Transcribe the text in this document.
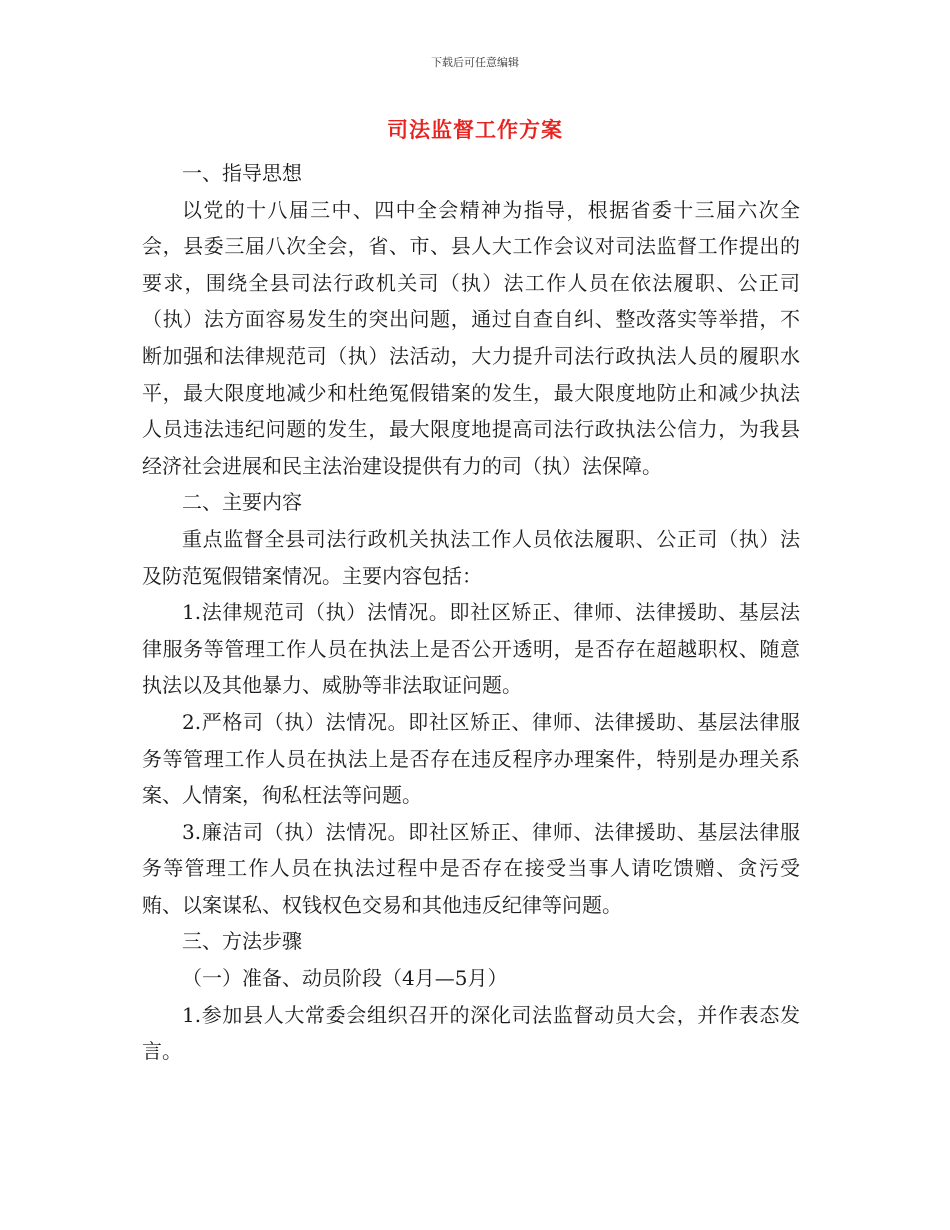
下载后可任意编辑
司法监督工作方案

一、指导思想

以党的十八届三中、四中全会精神为指导，根据省委十三届六次全会，县委三届八次全会，省、市、县人大工作会议对司法监督工作提出的要求，围绕全县司法行政机关司（执）法工作人员在依法履职、公正司（执）法方面容易发生的突出问题，通过自查自纠、整改落实等举措，不断加强和法律规范司（执）法活动，大力提升司法行政执法人员的履职水平，最大限度地减少和杜绝冤假错案的发生，最大限度地防止和减少执法人员违法违纪问题的发生，最大限度地提高司法行政执法公信力，为我县经济社会进展和民主法治建设提供有力的司（执）法保障。

二、主要内容

重点监督全县司法行政机关执法工作人员依法履职、公正司（执）法及防范冤假错案情况。主要内容包括：

1.法律规范司（执）法情况。即社区矫正、律师、法律援助、基层法律服务等管理工作人员在执法上是否公开透明，是否存在超越职权、随意执法以及其他暴力、威胁等非法取证问题。

2.严格司（执）法情况。即社区矫正、律师、法律援助、基层法律服务等管理工作人员在执法上是否存在违反程序办理案件，特别是办理关系案、人情案，徇私枉法等问题。

3.廉洁司（执）法情况。即社区矫正、律师、法律援助、基层法律服务等管理工作人员在执法过程中是否存在接受当事人请吃馈赠、贪污受贿、以案谋私、权钱权色交易和其他违反纪律等问题。

三、方法步骤

（一）准备、动员阶段（4月—5月）

1.参加县人大常委会组织召开的深化司法监督动员大会，并作表态发言。
